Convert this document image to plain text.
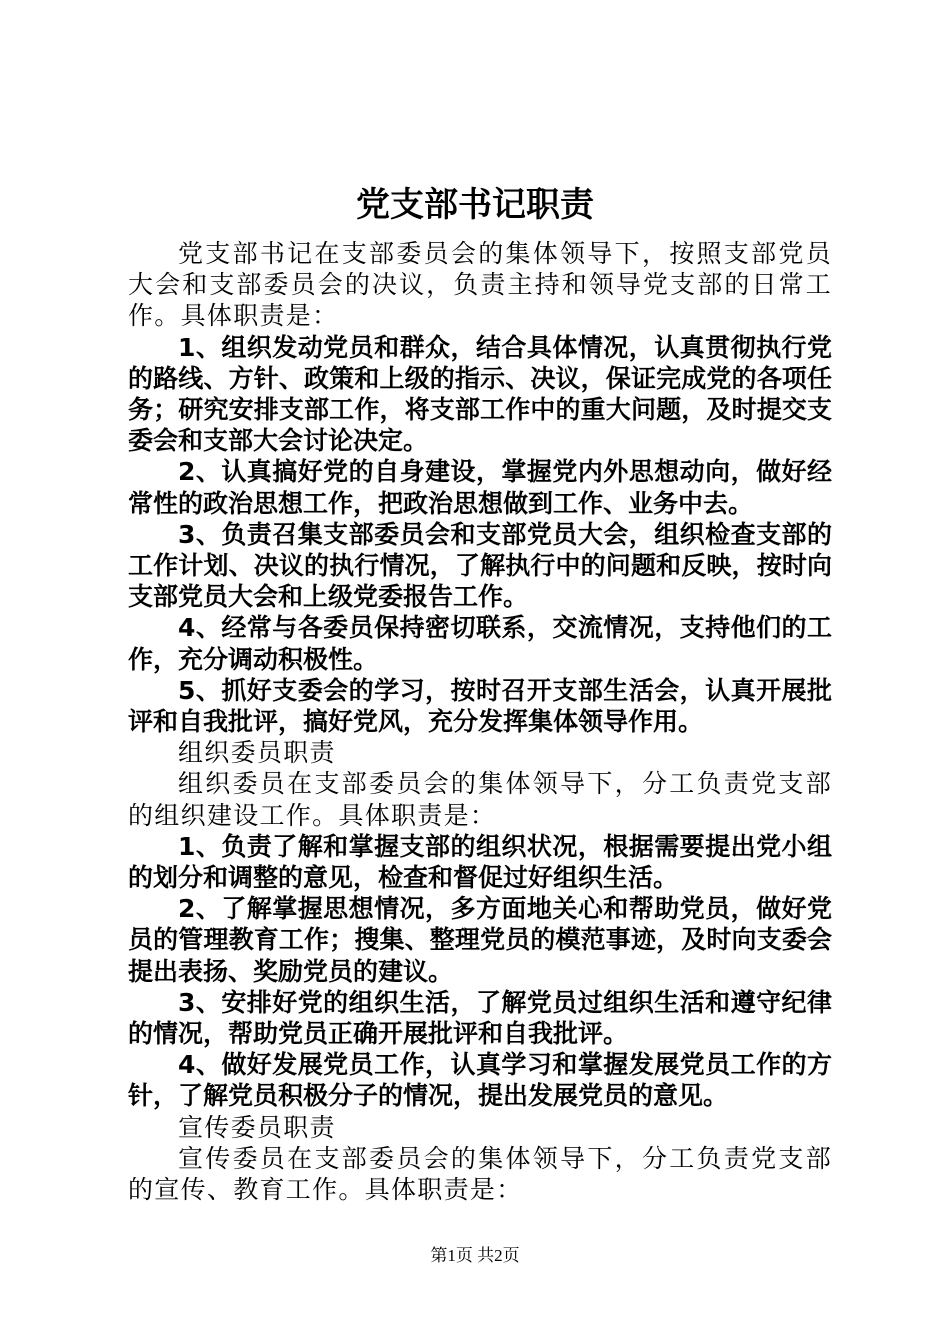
党支部书记职责

党支部书记在支部委员会的集体领导下，按照支部党员大会和支部委员会的决议，负责主持和领导党支部的日常工作。具体职责是：

1、组织发动党员和群众，结合具体情况，认真贯彻执行党的路线、方针、政策和上级的指示、决议，保证完成党的各项任务；研究安排支部工作，将支部工作中的重大问题，及时提交支委会和支部大会讨论决定。

2、认真搞好党的自身建设，掌握党内外思想动向，做好经常性的政治思想工作，把政治思想做到工作、业务中去。

3、负责召集支部委员会和支部党员大会，组织检查支部的工作计划、决议的执行情况，了解执行中的问题和反映，按时向支部党员大会和上级党委报告工作。

4、经常与各委员保持密切联系，交流情况，支持他们的工作，充分调动积极性。

5、抓好支委会的学习，按时召开支部生活会，认真开展批评和自我批评，搞好党风，充分发挥集体领导作用。

组织委员职责

组织委员在支部委员会的集体领导下，分工负责党支部的组织建设工作。具体职责是：

1、负责了解和掌握支部的组织状况，根据需要提出党小组的划分和调整的意见，检查和督促过好组织生活。

2、了解掌握思想情况，多方面地关心和帮助党员，做好党员的管理教育工作；搜集、整理党员的模范事迹，及时向支委会提出表扬、奖励党员的建议。

3、安排好党的组织生活，了解党员过组织生活和遵守纪律的情况，帮助党员正确开展批评和自我批评。

4、做好发展党员工作，认真学习和掌握发展党员工作的方针，了解党员积极分子的情况，提出发展党员的意见。

宣传委员职责

宣传委员在支部委员会的集体领导下，分工负责党支部的宣传、教育工作。具体职责是：

第1页 共2页
